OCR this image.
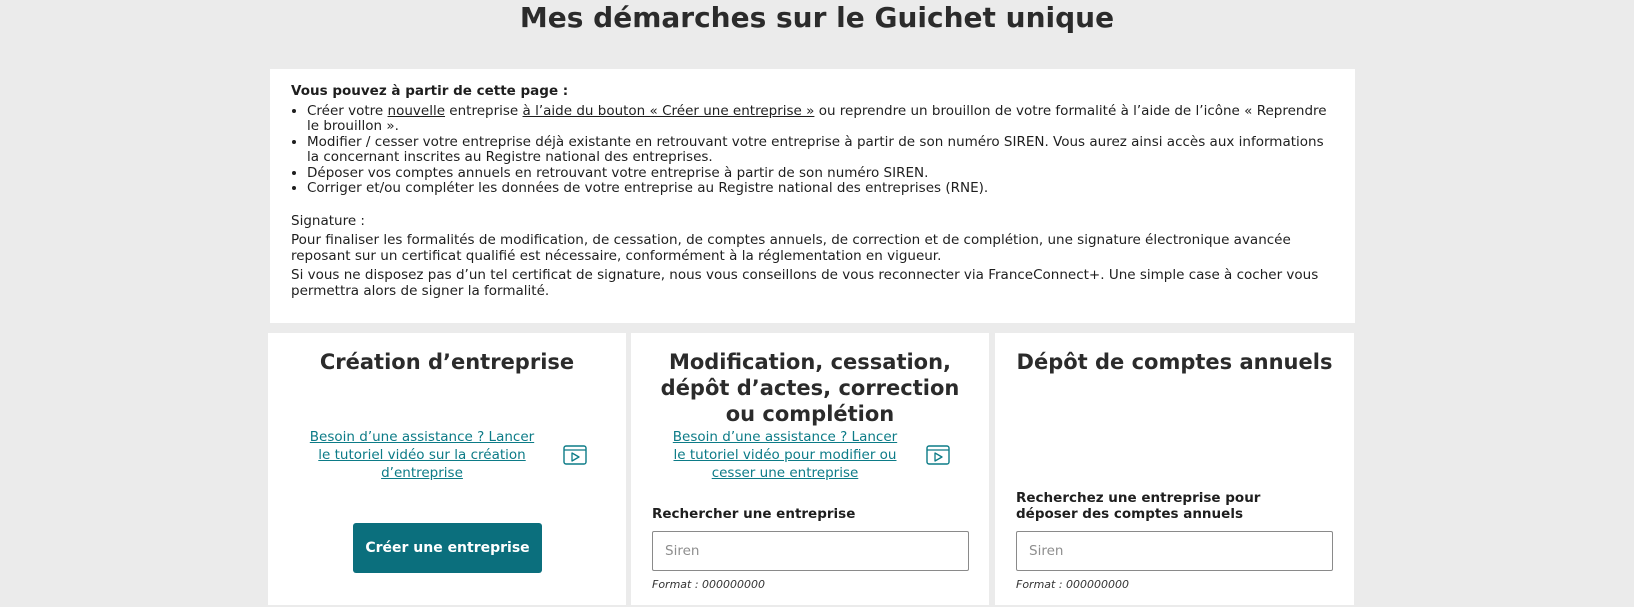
Mes démarches sur le Guichet unique
Vous pouvez à partir de cette page :
• Créer votre nouvelle entreprise à l’aide du bouton « Créer une entreprise » ou reprendre un brouillon de votre formalité à l’aide de l’icône « Reprendre le brouillon ».
• Modifier / cesser votre entreprise déjà existante en retrouvant votre entreprise à partir de son numéro SIREN. Vous aurez ainsi accès aux informations la concernant inscrites au Registre national des entreprises.
• Déposer vos comptes annuels en retrouvant votre entreprise à partir de son numéro SIREN.
• Corriger et/ou compléter les données de votre entreprise au Registre national des entreprises (RNE).

Signature :

Pour finaliser les formalités de modification, de cessation, de comptes annuels, de correction et de complétion, une signature électronique avancée reposant sur un certificat qualifié est nécessaire, conformément à la réglementation en vigueur.

Si vous ne disposez pas d’un tel certificat de signature, nous vous conseillons de vous reconnecter via FranceConnect+. Une simple case à cocher vous permettra alors de signer la formalité.

Création d’entreprise
Besoin d’une assistance ? Lancer le tutoriel vidéo sur la création d’entreprise
Créer une entreprise
Modification, cessation, dépôt d’actes, correction ou complétion
Besoin d’une assistance ? Lancer le tutoriel vidéo pour modifier ou cesser une entreprise
Rechercher une entreprise
Siren
Format : 000000000
Dépôt de comptes annuels
Recherchez une entreprise pour déposer des comptes annuels
Siren
Format : 000000000
